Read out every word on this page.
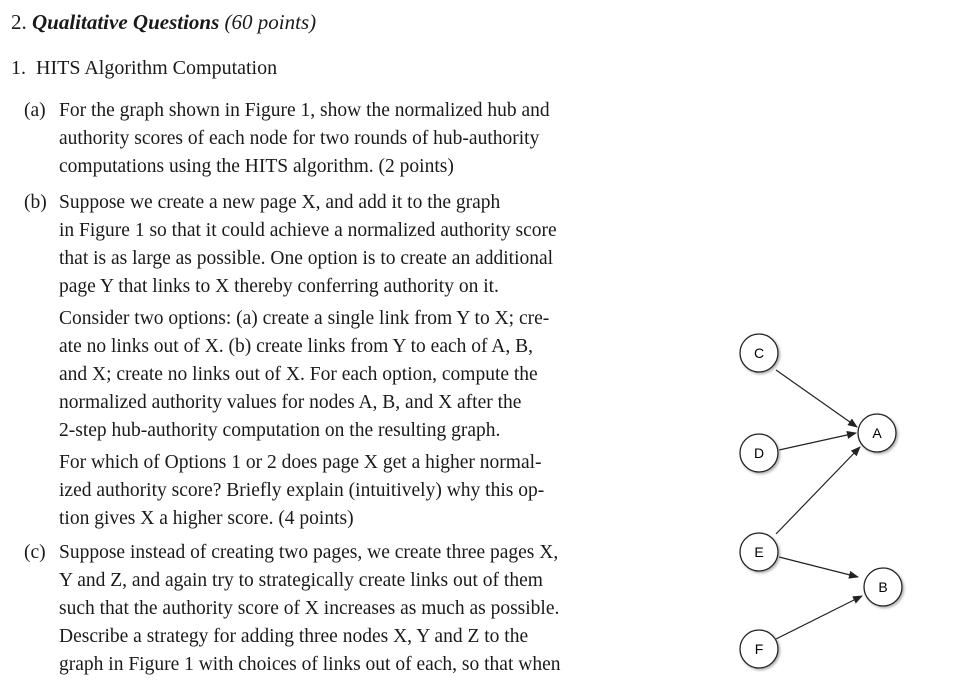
2. Qualitative Questions (60 points)
1. HITS Algorithm Computation
(a) For the graph shown in Figure 1, show the normalized hub and
authority scores of each node for two rounds of hub-authority
computations using the HITS algorithm. (2 points)
(b) Suppose we create a new page X, and add it to the graph
in Figure 1 so that it could achieve a normalized authority score
that is as large as possible. One option is to create an additional
page Y that links to X thereby conferring authority on it.
Consider two options: (a) create a single link from Y to X; cre-
ate no links out of X. (b) create links from Y to each of A, B,
and X; create no links out of X. For each option, compute the
normalized authority values for nodes A, B, and X after the
2-step hub-authority computation on the resulting graph.
For which of Options 1 or 2 does page X get a higher normal-
ized authority score? Briefly explain (intuitively) why this op-
tion gives X a higher score. (4 points)
(c) Suppose instead of creating two pages, we create three pages X,
Y and Z, and again try to strategically create links out of them
such that the authority score of X increases as much as possible.
Describe a strategy for adding three nodes X, Y and Z to the
graph in Figure 1 with choices of links out of each, so that when
C
D
E
F
A
B
